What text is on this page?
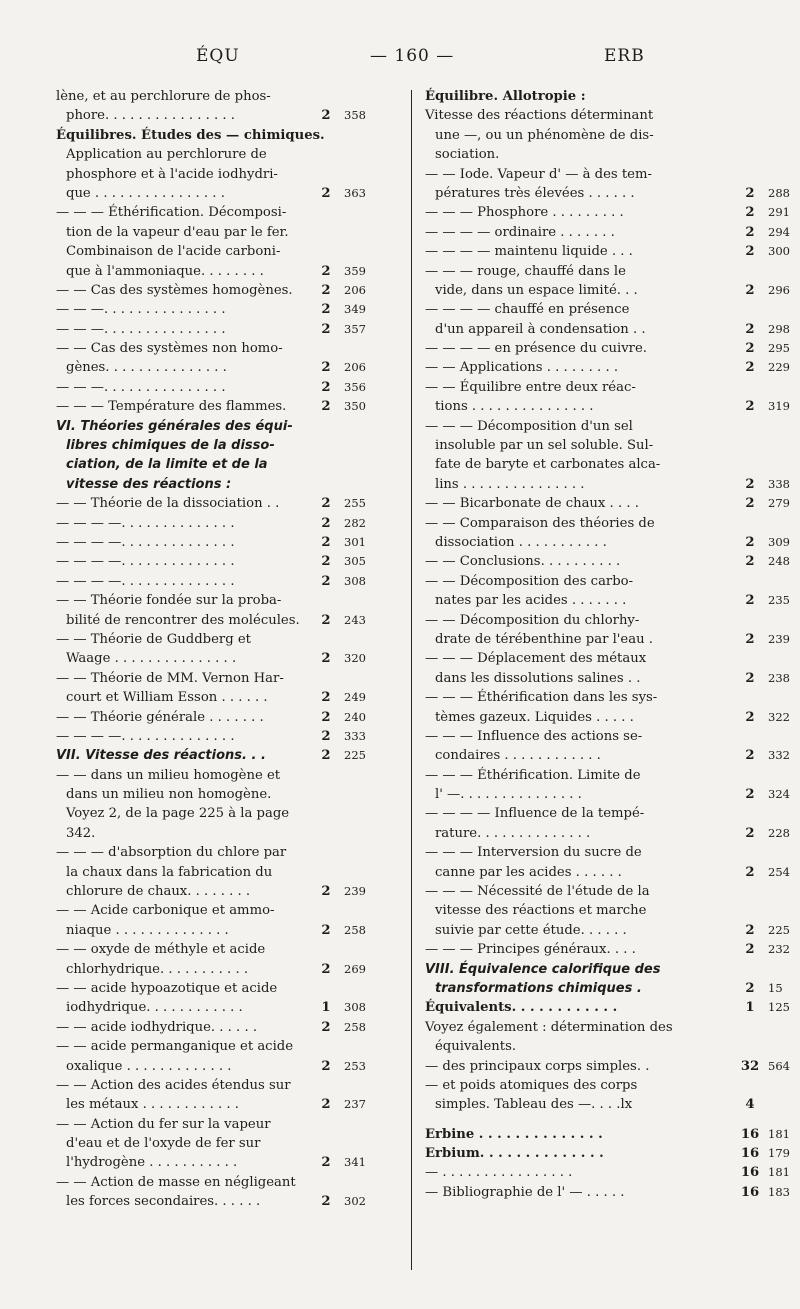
ÉQU	— 160 —	ERB
lène, et au perchlorure de phos-
phore. . . . . . . . . . . . . . . .	2	358
Équilibres. Études des — chimiques.
Application au perchlorure de
phosphore et à l'acide iodhydri-
que . . . . . . . . . . . . . . . .	2	363
— — — Éthérification. Décomposi-
tion de la vapeur d'eau par le fer.
Combinaison de l'acide carboni-
que à l'ammoniaque. . . . . . . .	2	359
— — Cas des systèmes homogènes.	2	206
— — —. . . . . . . . . . . . . . .	2	349
— — —. . . . . . . . . . . . . . .	2	357
— — Cas des systèmes non homo-
gènes. . . . . . . . . . . . . . .	2	206
— — —. . . . . . . . . . . . . . .	2	356
— — — Température des flammes.	2	350
VI. Théories générales des équi-
libres chimiques de la disso-
ciation, de la limite et de la
vitesse des réactions :
— — Théorie de la dissociation . .	2	255
— — — —. . . . . . . . . . . . . .	2	282
— — — —. . . . . . . . . . . . . .	2	301
— — — —. . . . . . . . . . . . . .	2	305
— — — —. . . . . . . . . . . . . .	2	308
— — Théorie fondée sur la proba-
bilité de rencontrer des molécules.	2	243
— — Théorie de Guddberg et
Waage . . . . . . . . . . . . . . .	2	320
— — Théorie de MM. Vernon Har-
court et William Esson . . . . . .	2	249
— — Théorie générale . . . . . . .	2	240
— — — —. . . . . . . . . . . . . .	2	333
VII. Vitesse des réactions. . .	2	225
— — dans un milieu homogène et
dans un milieu non homogène.
Voyez 2, de la page 225 à la page
342.
— — — d'absorption du chlore par
la chaux dans la fabrication du
chlorure de chaux. . . . . . . .	2	239
— — Acide carbonique et ammo-
niaque . . . . . . . . . . . . . .	2	258
— — oxyde de méthyle et acide
chlorhydrique. . . . . . . . . . .	2	269
— — acide hypoazotique et acide
iodhydrique. . . . . . . . . . . .	1	308
— — acide iodhydrique. . . . . .	2	258
— — acide permanganique et acide
oxalique . . . . . . . . . . . . .	2	253
— — Action des acides étendus sur
les métaux . . . . . . . . . . . .	2	237
— — Action du fer sur la vapeur
d'eau et de l'oxyde de fer sur
l'hydrogène . . . . . . . . . . .	2	341
— — Action de masse en négligeant
les forces secondaires. . . . . .	2	302
Équilibre. Allotropie :
Vitesse des réactions déterminant
une —, ou un phénomène de dis-
sociation.
— — Iode. Vapeur d' — à des tem-
pératures très élevées . . . . . .	2	288
— — — Phosphore . . . . . . . . .	2	291
— — — — ordinaire . . . . . . .	2	294
— — — — maintenu liquide . . .	2	300
— — — rouge, chauffé dans le
vide, dans un espace limité. . .	2	296
— — — — chauffé en présence
d'un appareil à condensation . .	2	298
— — — — en présence du cuivre.	2	295
— — Applications . . . . . . . . .	2	229
— — Équilibre entre deux réac-
tions . . . . . . . . . . . . . . .	2	319
— — — Décomposition d'un sel
insoluble par un sel soluble. Sul-
fate de baryte et carbonates alca-
lins . . . . . . . . . . . . . . .	2	338
— — Bicarbonate de chaux . . . .	2	279
— — Comparaison des théories de
dissociation . . . . . . . . . . .	2	309
— — Conclusions. . . . . . . . . .	2	248
— — Décomposition des carbo-
nates par les acides . . . . . . .	2	235
— — Décomposition du chlorhy-
drate de térébenthine par l'eau .	2	239
— — — Déplacement des métaux
dans les dissolutions salines . .	2	238
— — — Éthérification dans les sys-
tèmes gazeux. Liquides . . . . .	2	322
— — — Influence des actions se-
condaires . . . . . . . . . . . .	2	332
— — — Éthérification. Limite de
l' —. . . . . . . . . . . . . . .	2	324
— — — — Influence de la tempé-
rature. . . . . . . . . . . . . .	2	228
— — — Interversion du sucre de
canne par les acides . . . . . .	2	254
— — — Nécessité de l'étude de la
vitesse des réactions et marche
suivie par cette étude. . . . . .	2	225
— — — Principes généraux. . . .	2	232
VIII. Équivalence calorifique des
transformations chimiques .	2	15
Équivalents. . . . . . . . . . . .	1	125
Voyez également : détermination des
équivalents.
— des principaux corps simples. .	32 564
— et poids atomiques des corps
simples. Tableau des —. . . .lx	4
Erbine . . . . . . . . . . . . . .	16 181
Erbium. . . . . . . . . . . . . .	16 179
— . . . . . . . . . . . . . . . .	16 181
— Bibliographie de l' — . . . . .	16 183
